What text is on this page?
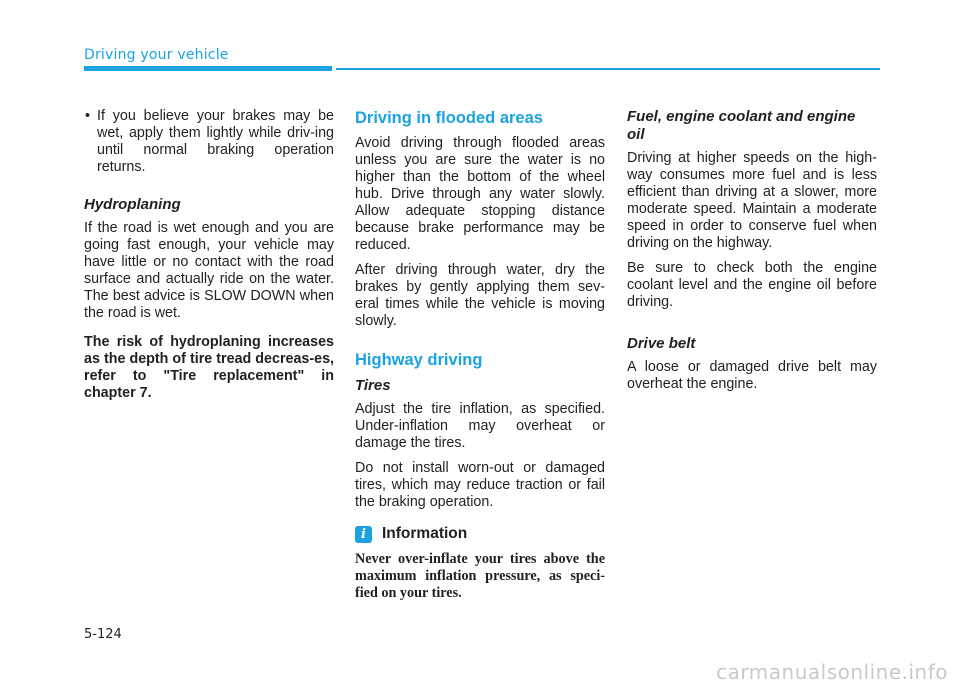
Driving your vehicle
• If you believe your brakes may be wet, apply them lightly while driv-ing until normal braking operation returns.

Hydroplaning

If the road is wet enough and you are going fast enough, your vehicle may have little or no contact with the road surface and actually ride on the water. The best advice is SLOW DOWN when the road is wet.

The risk of hydroplaning increases as the depth of tire tread decreas-es, refer to "Tire replacement" in chapter 7.

Driving in flooded areas

Avoid driving through flooded areas unless you are sure the water is no higher than the bottom of the wheel hub. Drive through any water slowly. Allow adequate stopping distance because brake performance may be reduced.

After driving through water, dry the brakes by gently applying them sev-eral times while the vehicle is moving slowly.

Highway driving
Tires

Adjust the tire inflation, as specified. Under-inflation may overheat or damage the tires.

Do not install worn-out or damaged tires, which may reduce traction or fail the braking operation.

i	Information

Never over-inflate your tires above the maximum inflation pressure, as speci-fied on your tires.

Fuel, engine coolant and engine oil

Driving at higher speeds on the high-way consumes more fuel and is less efficient than driving at a slower, more moderate speed. Maintain a moderate speed in order to conserve fuel when driving on the highway.

Be sure to check both the engine coolant level and the engine oil before driving.

Drive belt

A loose or damaged drive belt may overheat the engine.

5-124
carmanualsonline.info
